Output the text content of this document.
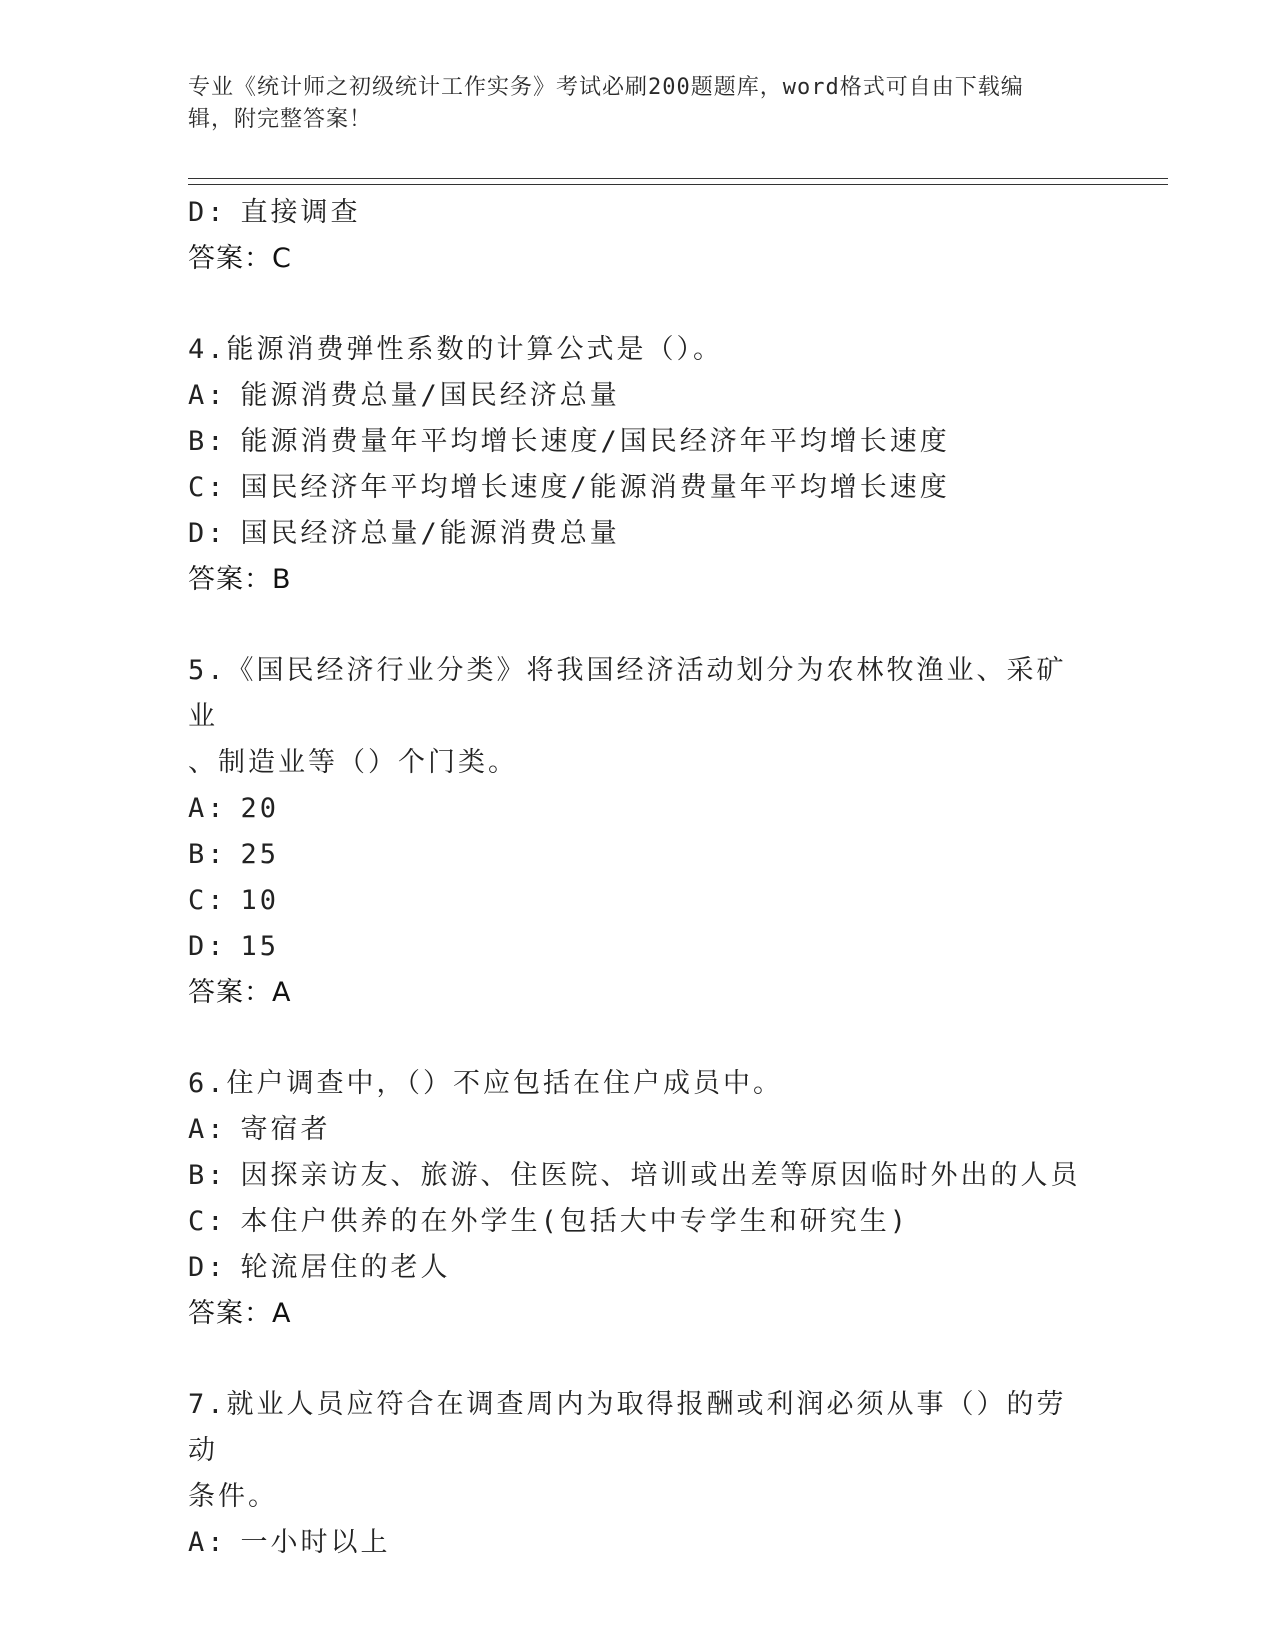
专业《统计师之初级统计工作实务》考试必刷200题题库，word格式可自由下载编辑，附完整答案！
D: 直接调查
答案：C
4.能源消费弹性系数的计算公式是（）。
A: 能源消费总量/国民经济总量
B: 能源消费量年平均增长速度/国民经济年平均增长速度
C: 国民经济年平均增长速度/能源消费量年平均增长速度
D: 国民经济总量/能源消费总量
答案：B
5.《国民经济行业分类》将我国经济活动划分为农林牧渔业、采矿业
、制造业等（）个门类。
A: 20
B: 25
C: 10
D: 15
答案：A
6.住户调查中，（）不应包括在住户成员中。
A: 寄宿者
B: 因探亲访友、旅游、住医院、培训或出差等原因临时外出的人员
C: 本住户供养的在外学生(包括大中专学生和研究生)
D: 轮流居住的老人
答案：A
7.就业人员应符合在调查周内为取得报酬或利润必须从事（）的劳动
条件。
A: 一小时以上
